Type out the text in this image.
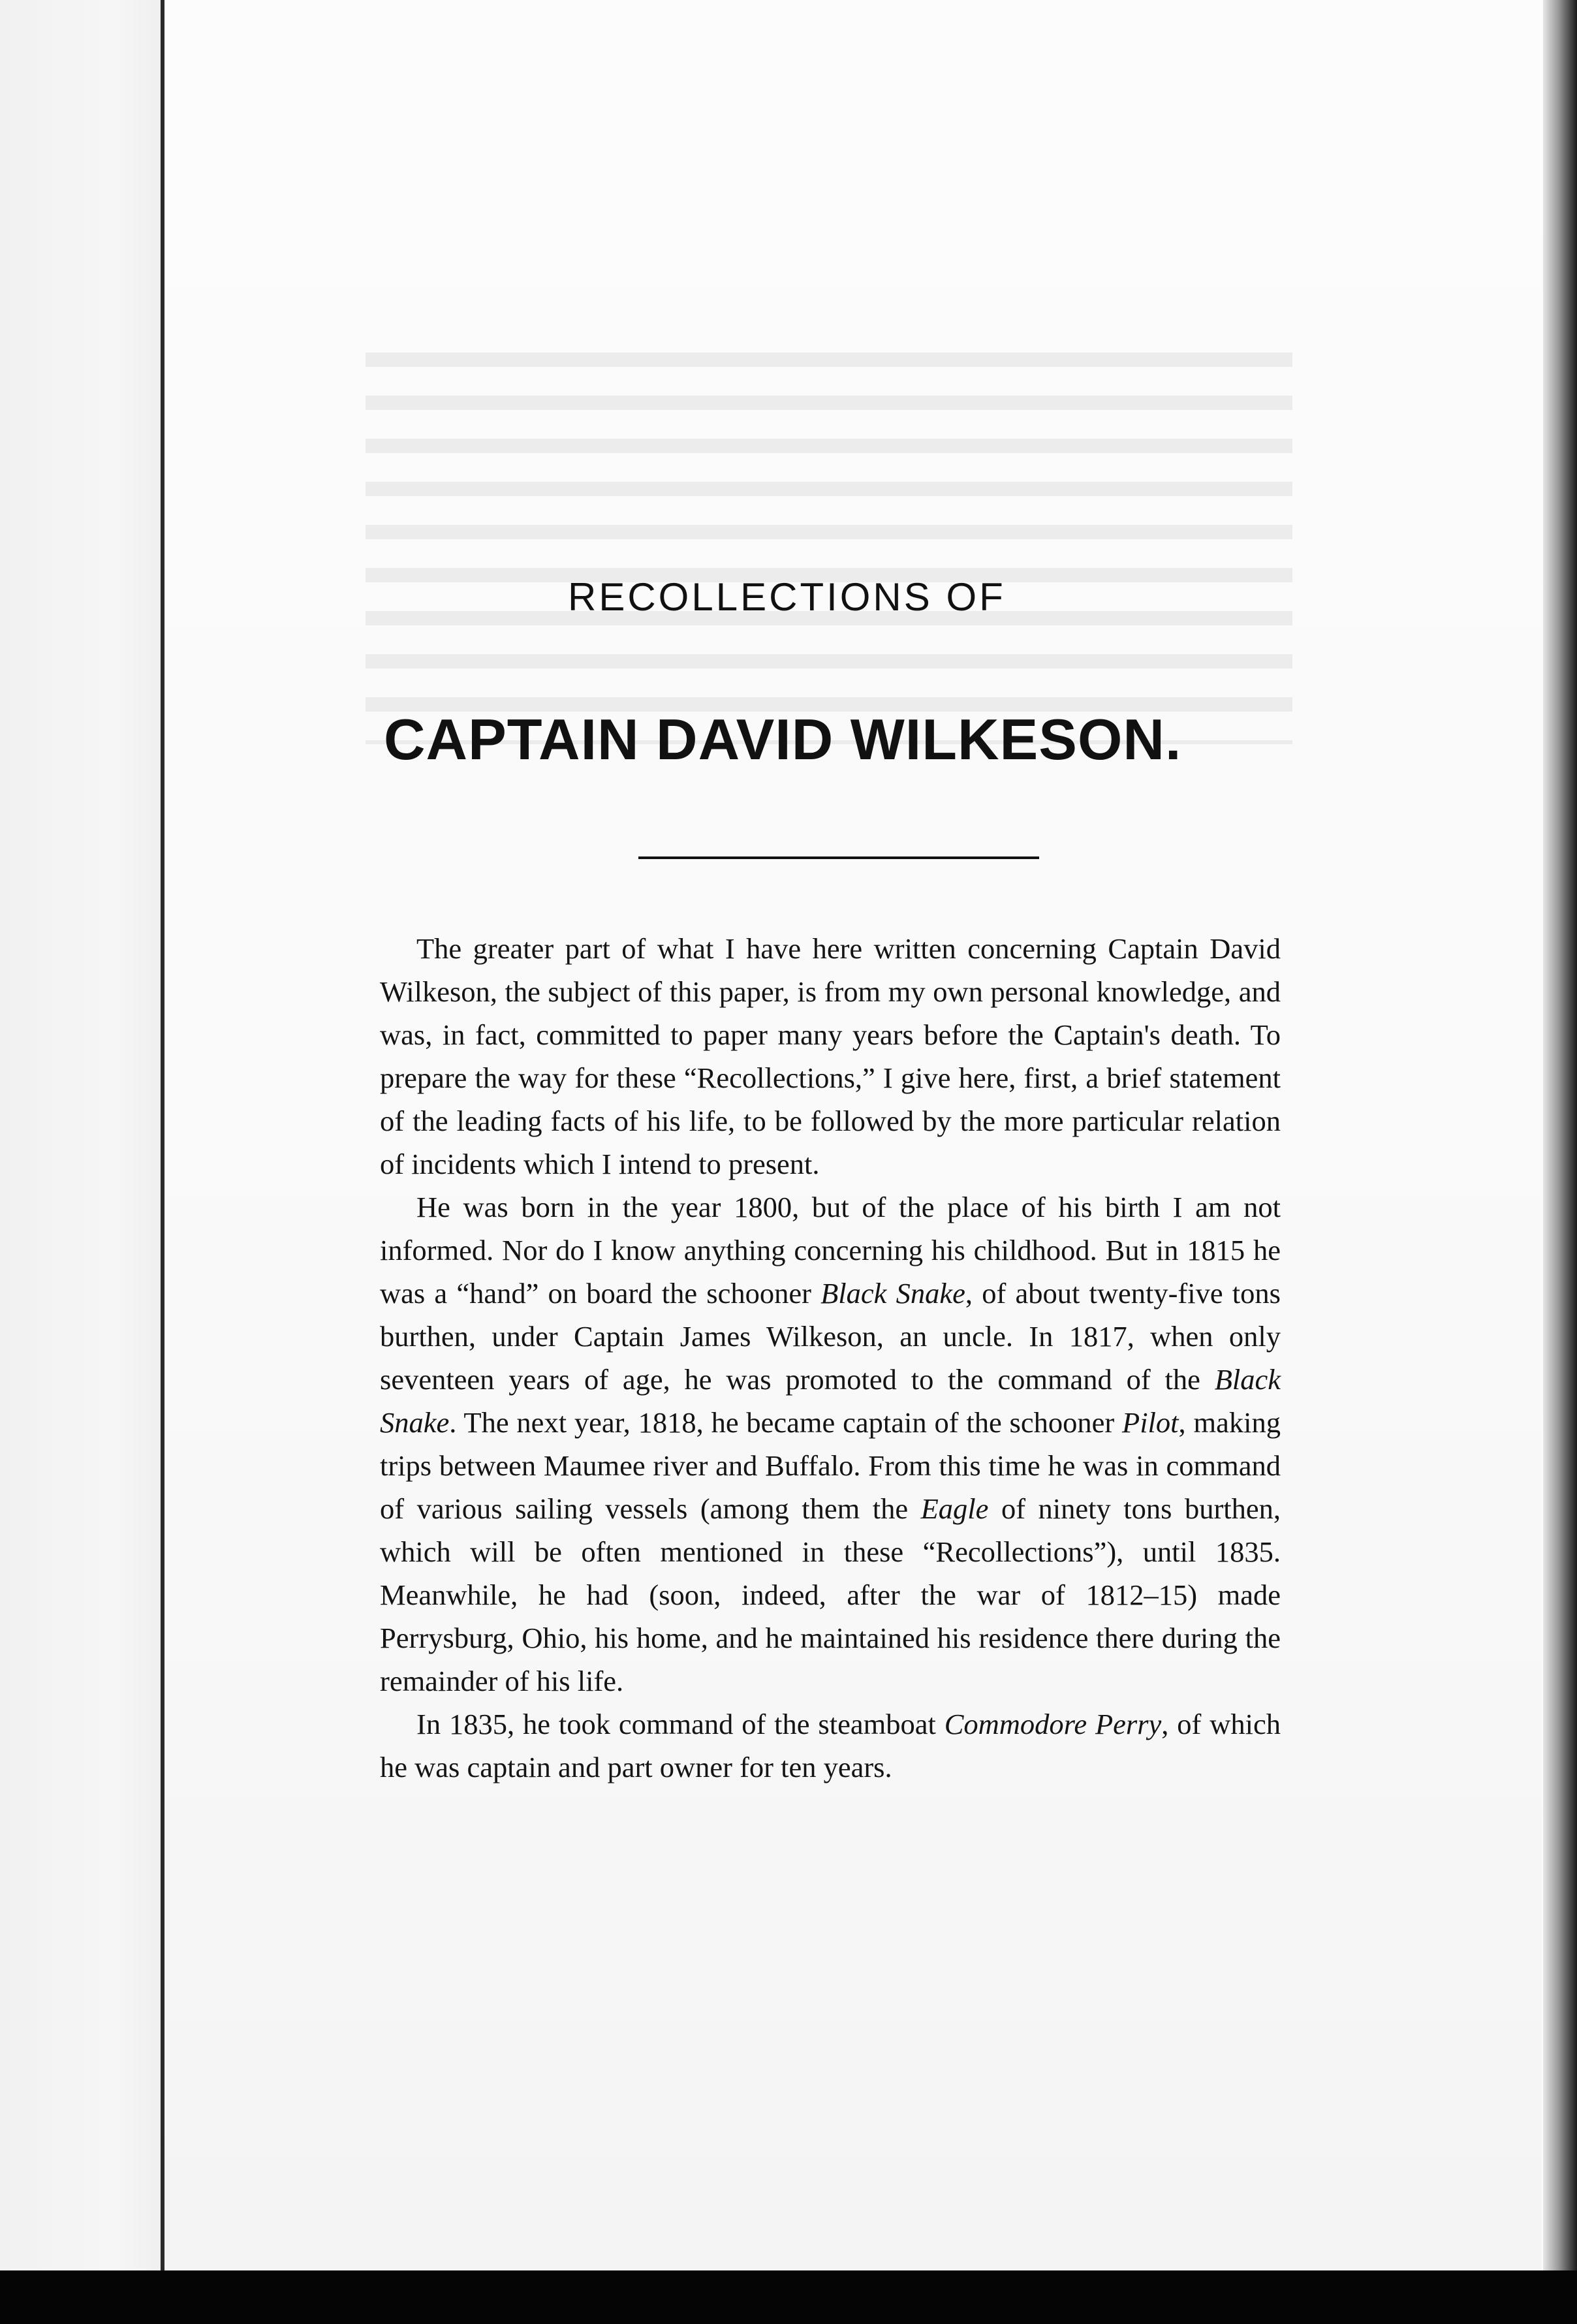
RECOLLECTIONS OF
CAPTAIN DAVID WILKESON.

The greater part of what I have here written concerning Captain David Wilkeson, the subject of this paper, is from my own personal knowledge, and was, in fact, committed to paper many years before the Captain's death. To prepare the way for these “Recollections,” I give here, first, a brief statement of the leading facts of his life, to be followed by the more particular relation of incidents which I intend to present.

He was born in the year 1800, but of the place of his birth I am not informed. Nor do I know anything concerning his childhood. But in 1815 he was a “hand” on board the schooner Black Snake, of about twenty-five tons burthen, under Captain James Wilkeson, an uncle. In 1817, when only seventeen years of age, he was promoted to the command of the Black Snake. The next year, 1818, he became captain of the schooner Pilot, making trips between Maumee river and Buffalo. From this time he was in command of various sailing vessels (among them the Eagle of ninety tons burthen, which will be often mentioned in these “Recollections”), until 1835. Meanwhile, he had (soon, indeed, after the war of 1812–15) made Perrysburg, Ohio, his home, and he maintained his residence there during the remainder of his life.

In 1835, he took command of the steamboat Commodore Perry, of which he was captain and part owner for ten years.
